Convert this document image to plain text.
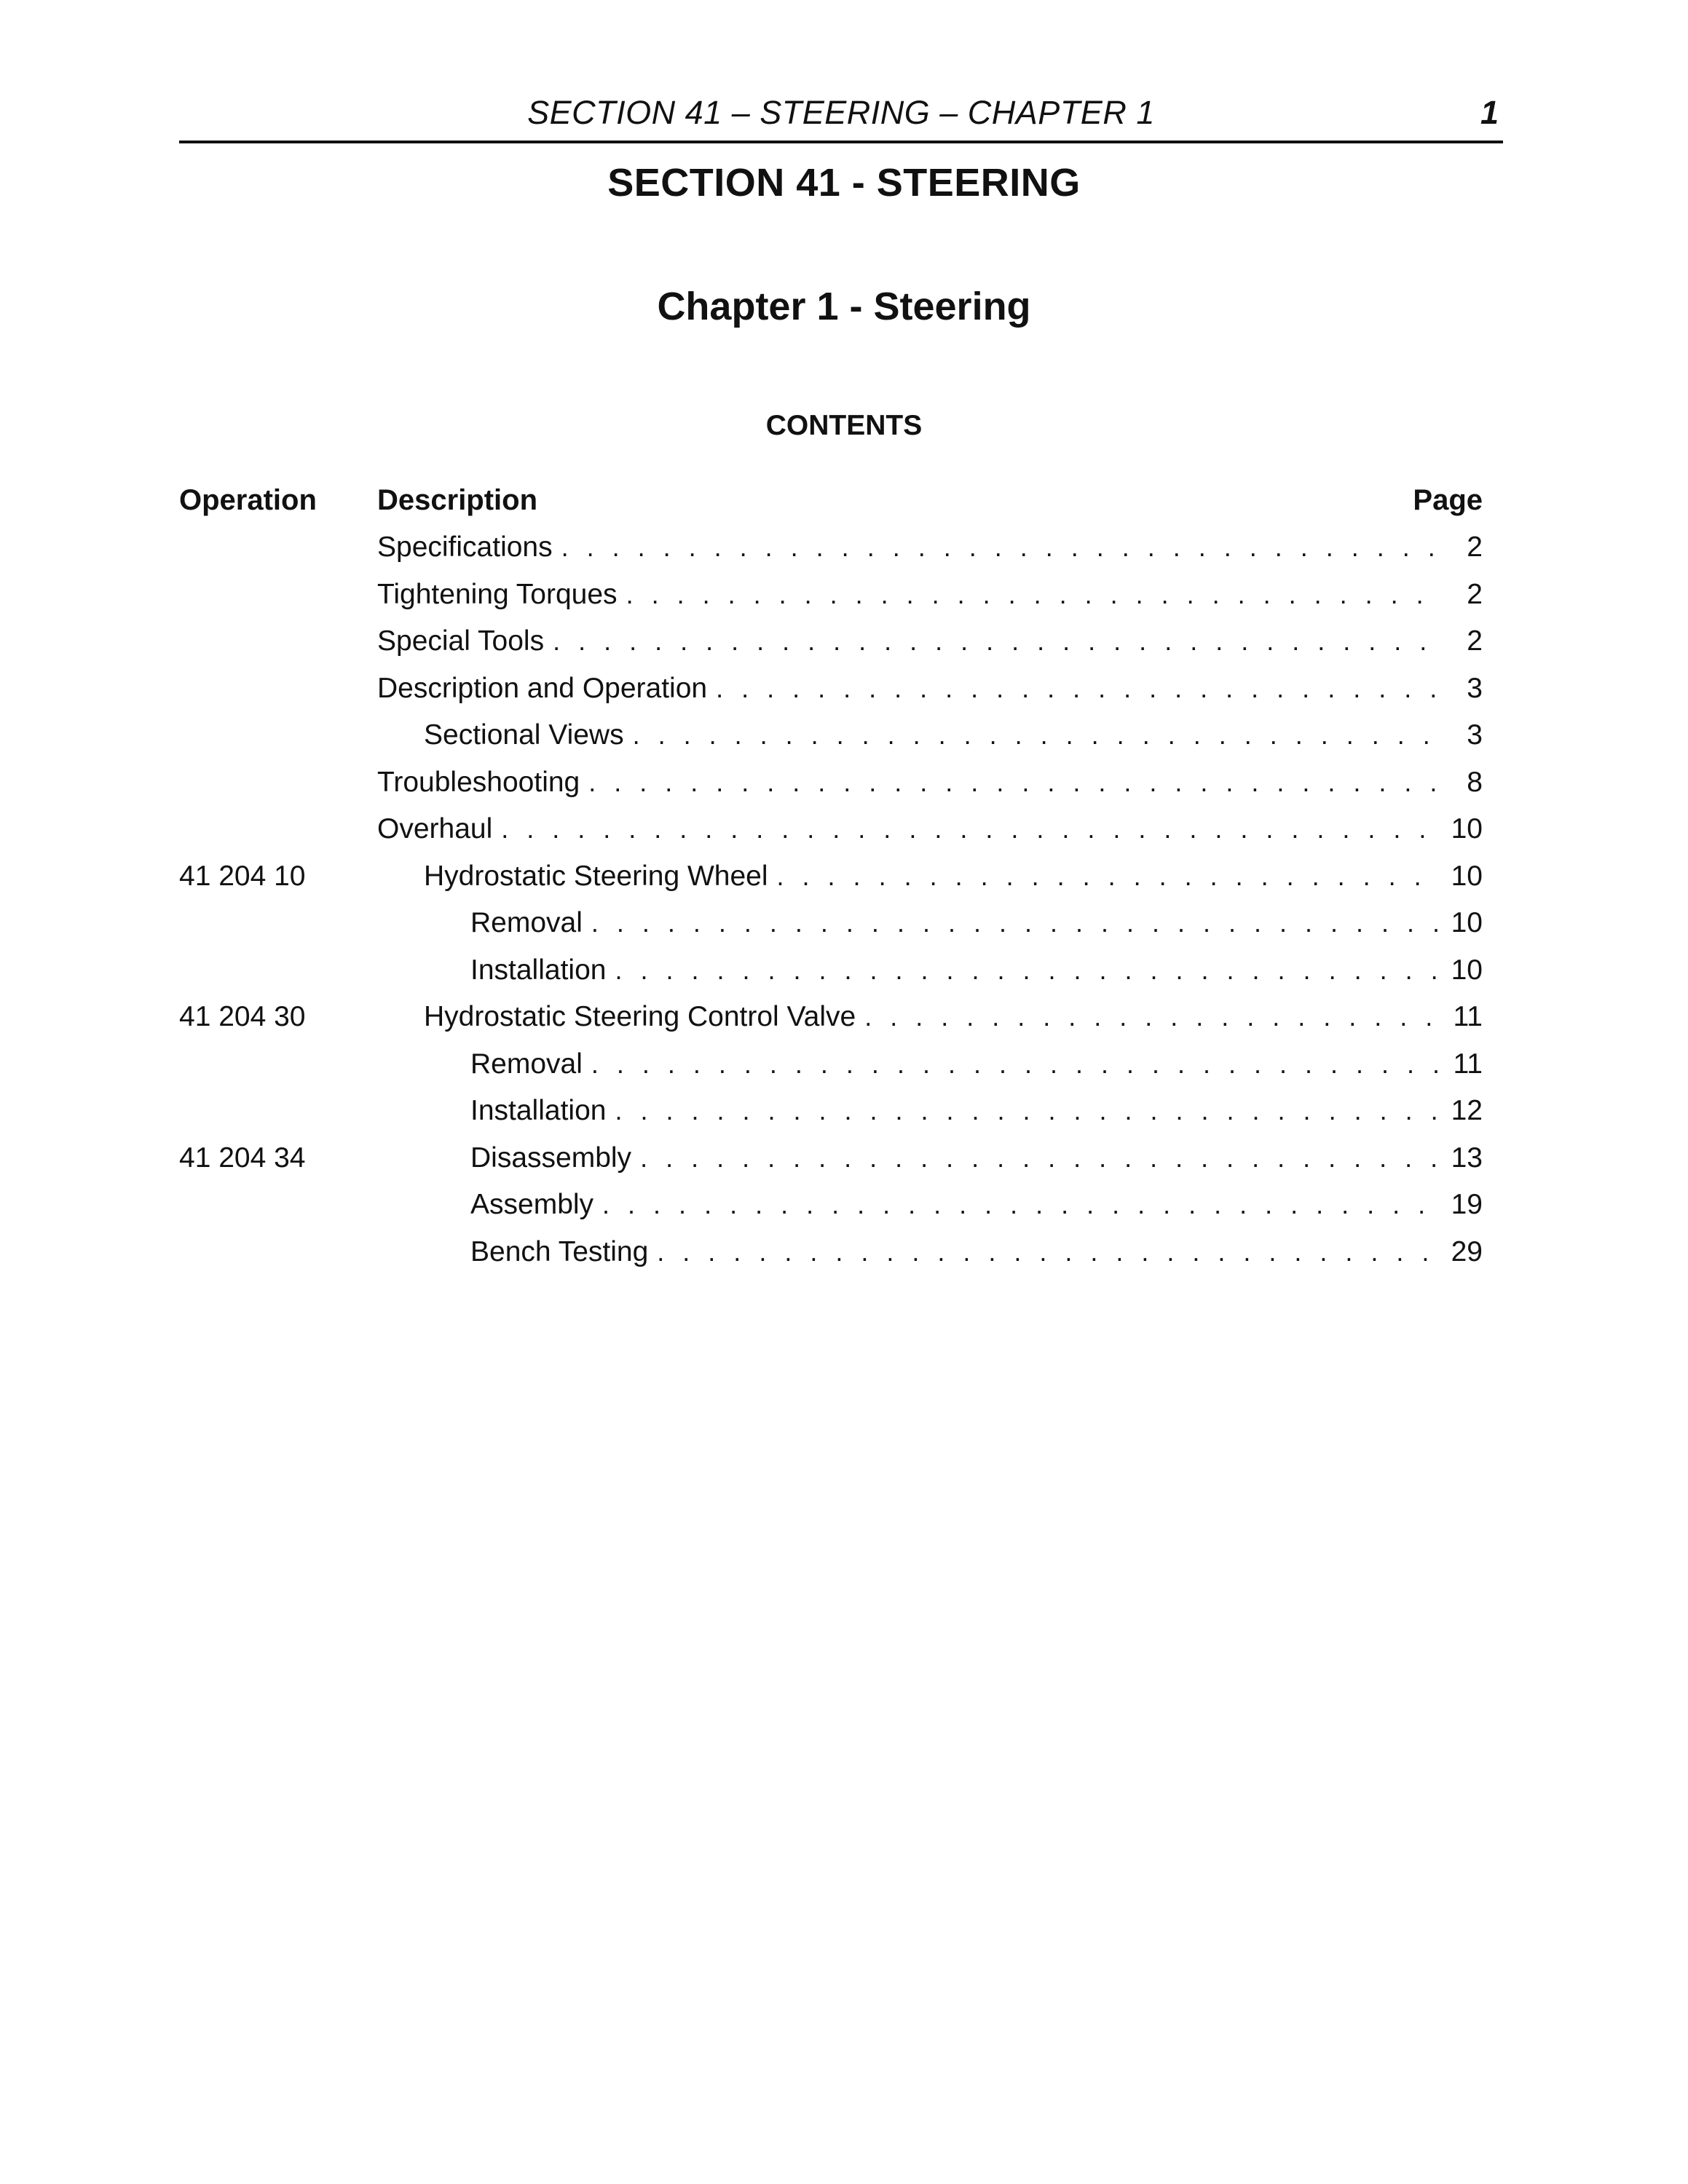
SECTION 41 – STEERING – CHAPTER 1	1
SECTION 41 - STEERING
Chapter 1 - Steering
CONTENTS
Operation Description	Page
Specifications . . .	2
Tightening Torques . . .	2
Special Tools . . .	2
Description and Operation . . .	3
Sectional Views . . .	3
Troubleshooting . . .	8
Overhaul . . .	10
41 204 10	Hydrostatic Steering Wheel . . .	10
Removal . . .	10
Installation . . .	10
41 204 30	Hydrostatic Steering Control Valve . . .	11
Removal . . .	11
Installation . . .	12
41 204 34	Disassembly . . .	13
Assembly . . .	19
Bench Testing . . .	29
